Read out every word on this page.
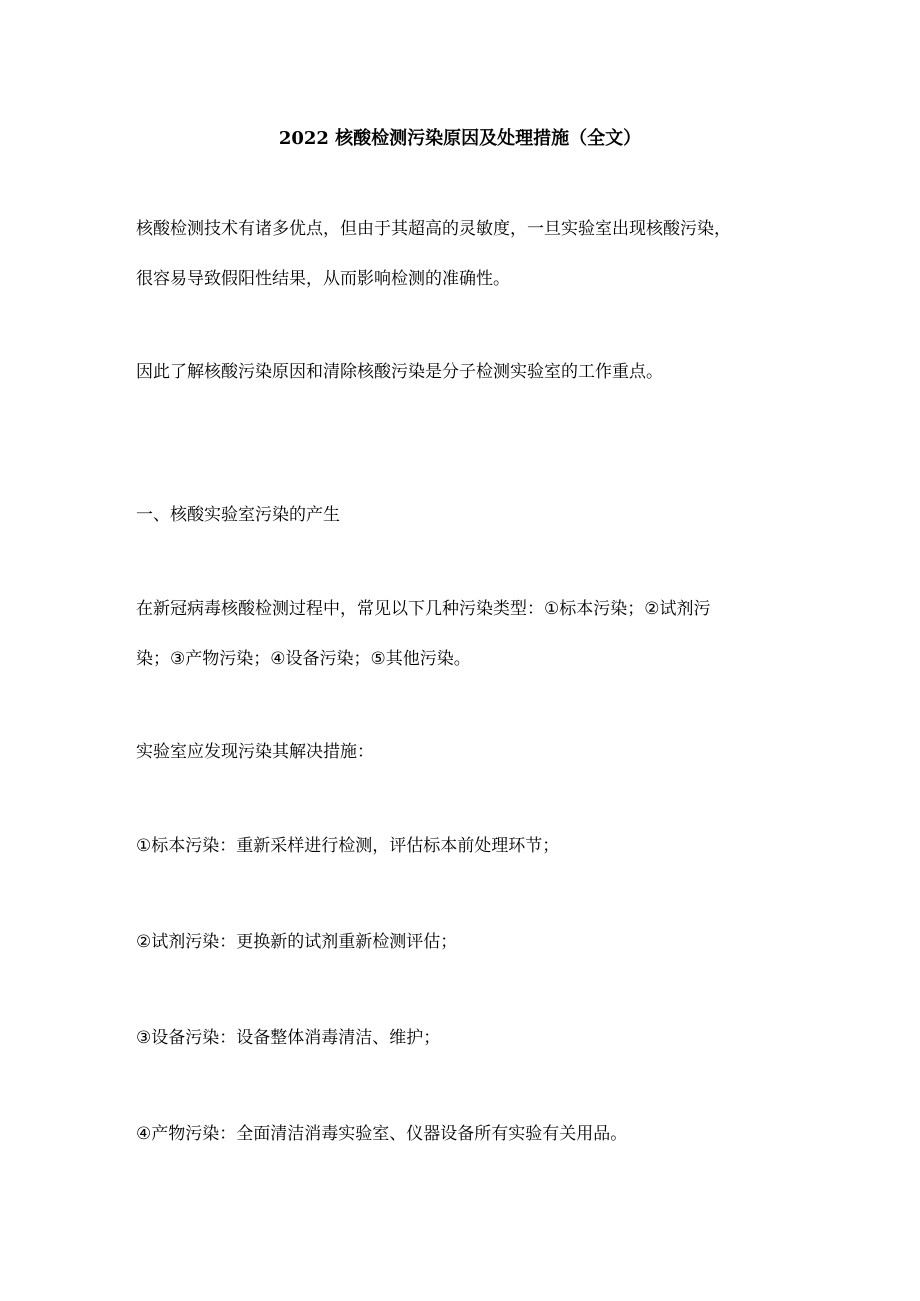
2022 核酸检测污染原因及处理措施（全文）
核酸检测技术有诸多优点，但由于其超高的灵敏度，一旦实验室出现核酸污染，
很容易导致假阳性结果，从而影响检测的准确性。
因此了解核酸污染原因和清除核酸污染是分子检测实验室的工作重点。
一、核酸实验室污染的产生
在新冠病毒核酸检测过程中，常见以下几种污染类型：①标本污染；②试剂污
染；③产物污染；④设备污染；⑤其他污染。
实验室应发现污染其解决措施：
①标本污染：重新采样进行检测，评估标本前处理环节；
②试剂污染：更换新的试剂重新检测评估；
③设备污染：设备整体消毒清洁、维护；
④产物污染：全面清洁消毒实验室、仪器设备所有实验有关用品。
